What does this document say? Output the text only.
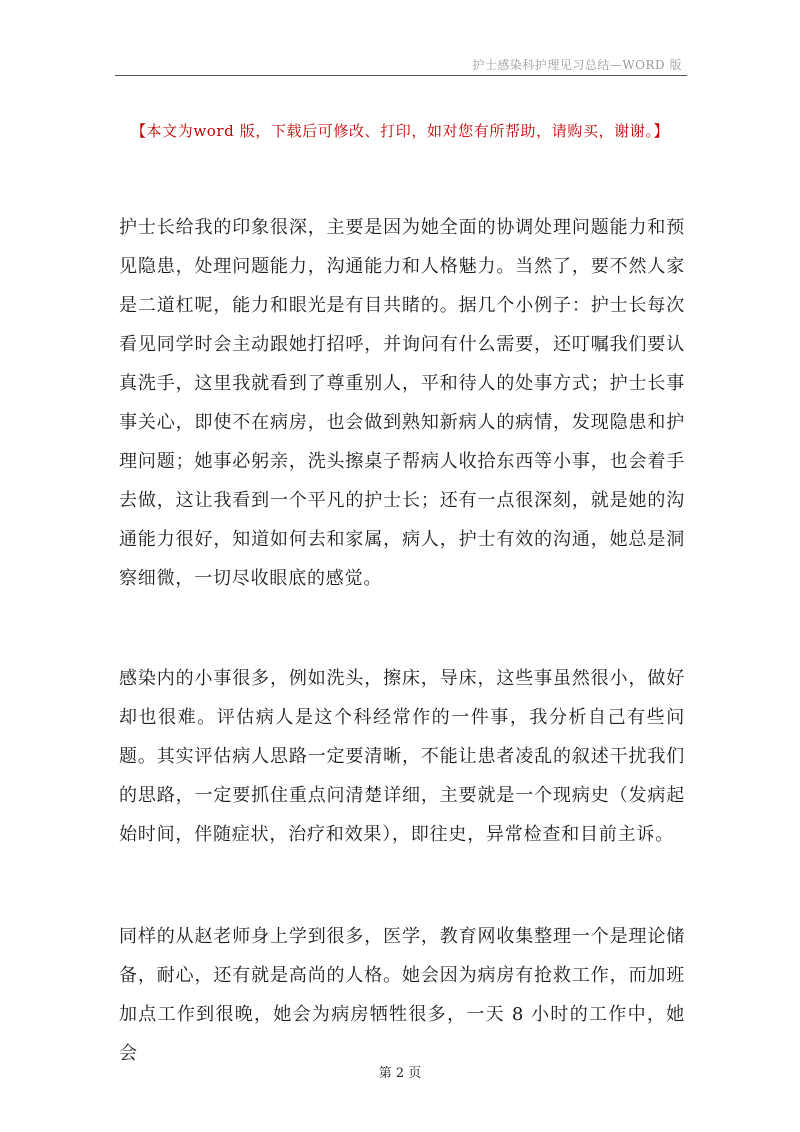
护士感染科护理见习总结—WORD 版
【本文为word 版，下载后可修改、打印，如对您有所帮助，请购买，谢谢。】

护士长给我的印象很深，主要是因为她全面的协调处理问题能力和预见隐患，处理问题能力，沟通能力和人格魅力。当然了，要不然人家是二道杠呢，能力和眼光是有目共睹的。据几个小例子：护士长每次看见同学时会主动跟她打招呼，并询问有什么需要，还叮嘱我们要认真洗手，这里我就看到了尊重别人，平和待人的处事方式；护士长事事关心，即使不在病房，也会做到熟知新病人的病情，发现隐患和护理问题；她事必躬亲，洗头擦桌子帮病人收拾东西等小事，也会着手去做，这让我看到一个平凡的护士长；还有一点很深刻，就是她的沟通能力很好，知道如何去和家属，病人，护士有效的沟通，她总是洞察细微，一切尽收眼底的感觉。

感染内的小事很多，例如洗头，擦床，导床，这些事虽然很小，做好却也很难。评估病人是这个科经常作的一件事，我分析自己有些问题。其实评估病人思路一定要清晰，不能让患者凌乱的叙述干扰我们的思路，一定要抓住重点问清楚详细，主要就是一个现病史（发病起始时间，伴随症状，治疗和效果），即往史，异常检查和目前主诉。

同样的从赵老师身上学到很多，医学，教育网收集整理一个是理论储备，耐心，还有就是高尚的人格。她会因为病房有抢救工作，而加班加点工作到很晚，她会为病房牺牲很多，一天 8 小时的工作中，她会

第 2 页
